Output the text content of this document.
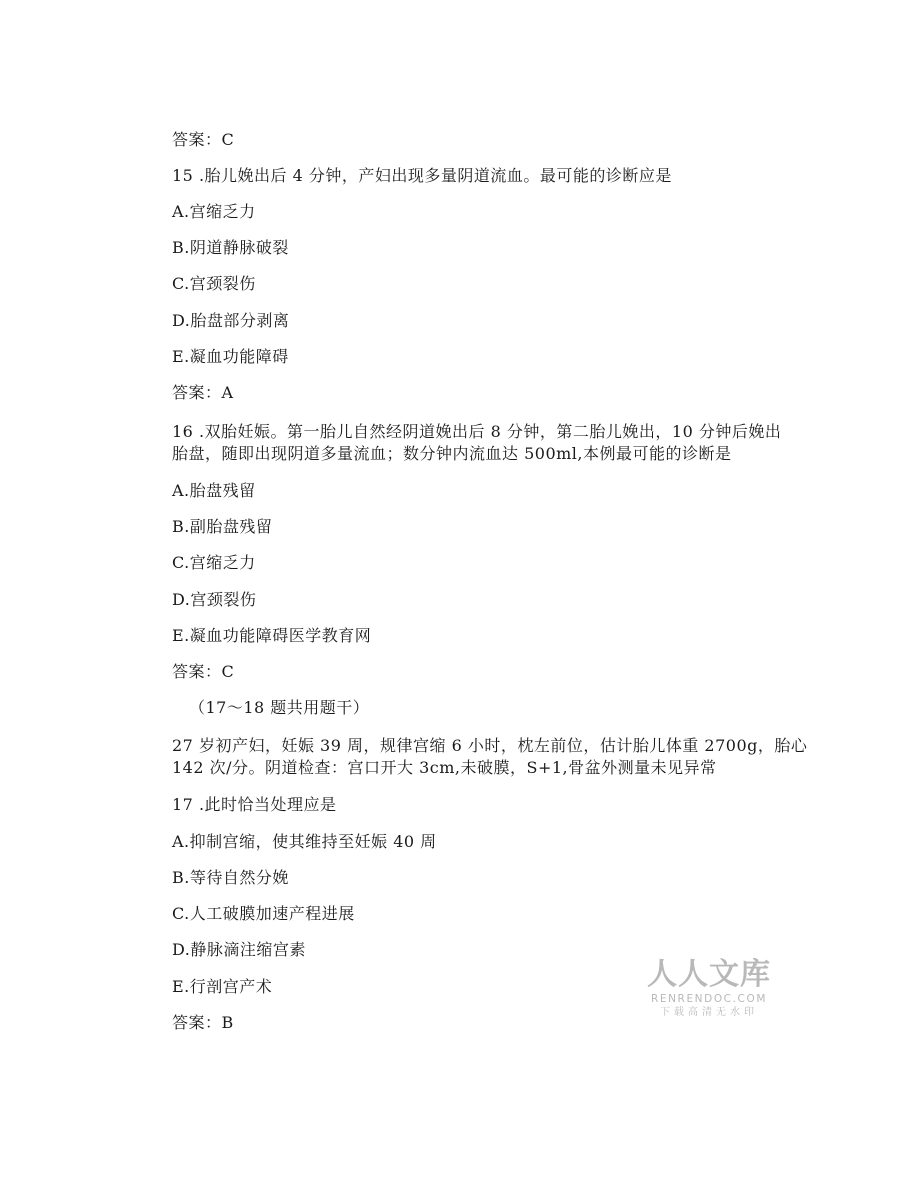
答案：C
15 .胎儿娩出后 4 分钟，产妇出现多量阴道流血。最可能的诊断应是
A.宫缩乏力
B.阴道静脉破裂
C.宫颈裂伤
D.胎盘部分剥离
E.凝血功能障碍
答案：A
16 .双胎妊娠。第一胎儿自然经阴道娩出后 8 分钟，第二胎儿娩出，10 分钟后娩出
胎盘，随即出现阴道多量流血；数分钟内流血达 500ml,本例最可能的诊断是
A.胎盘残留
B.副胎盘残留
C.宫缩乏力
D.宫颈裂伤
E.凝血功能障碍医学教育网
答案：C
（17～18 题共用题干）
27 岁初产妇，妊娠 39 周，规律宫缩 6 小时，枕左前位，估计胎儿体重 2700g，胎心
142 次/分。阴道检查：宫口开大 3cm,未破膜，S+1,骨盆外测量未见异常
17 .此时恰当处理应是
A.抑制宫缩，使其维持至妊娠 40 周
B.等待自然分娩
C.人工破膜加速产程进展
D.静脉滴注缩宫素
E.行剖宫产术
答案：B
人人文库
RENRENDOC.COM
下载高清无水印
